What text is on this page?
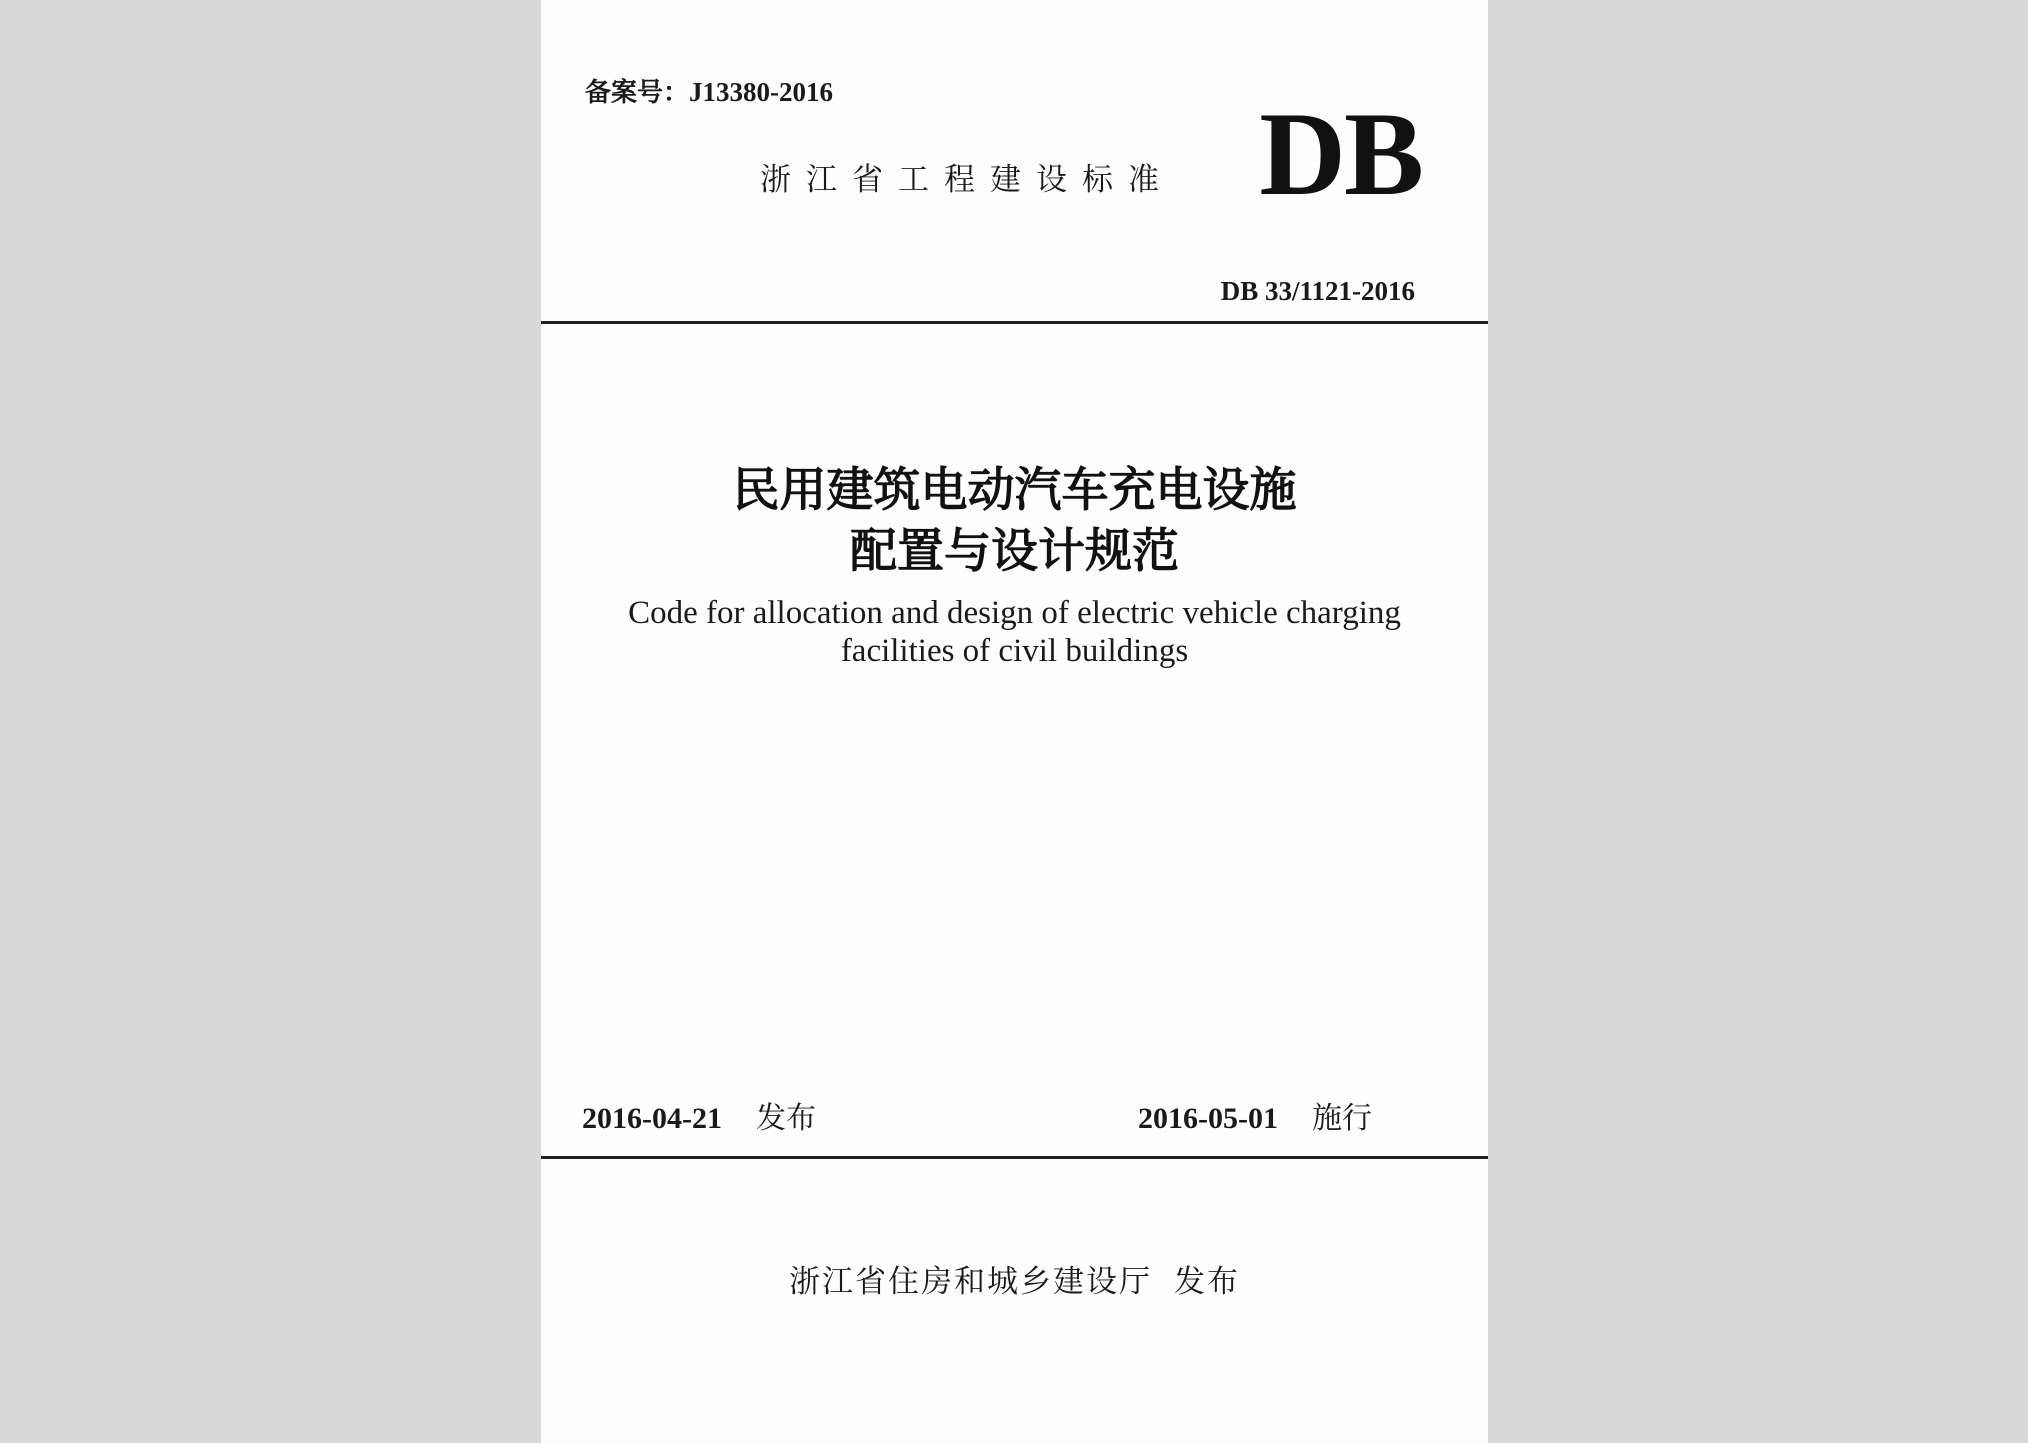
备案号：J13380-2016
浙江省工程建设标准 DB
DB 33/1121-2016
民用建筑电动汽车充电设施
配置与设计规范
Code for allocation and design of electric vehicle charging
facilities of civil buildings
2016-04-21 发布	2016-05-01 施行
浙江省住房和城乡建设厅 发布
